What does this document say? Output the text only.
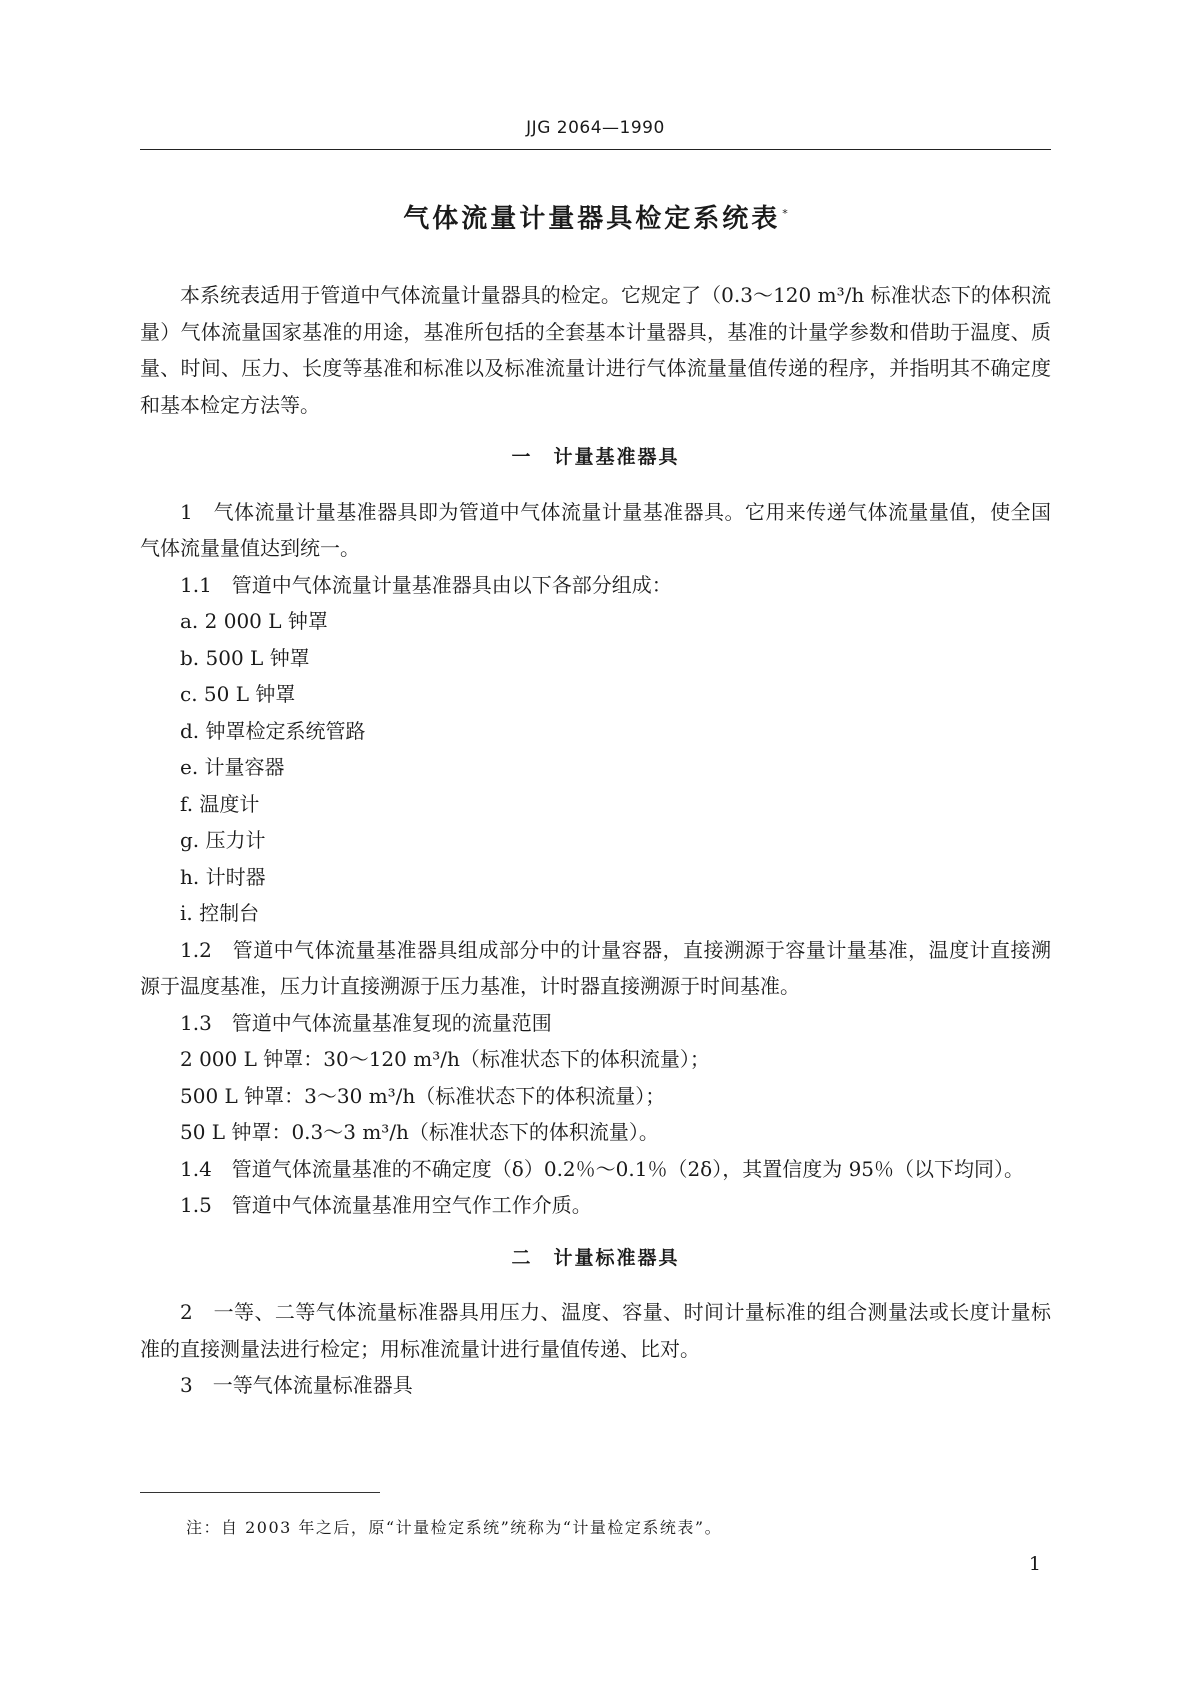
JJG 2064—1990
气体流量计量器具检定系统表 *

本系统表适用于管道中气体流量计量器具的检定。它规定了（0.3～120 m³/h 标准状态下的体积流量）气体流量国家基准的用途，基准所包括的全套基本计量器具，基准的计量学参数和借助于温度、质量、时间、压力、长度等基准和标准以及标准流量计进行气体流量量值传递的程序，并指明其不确定度和基本检定方法等。

一　计量基准器具

1　气体流量计量基准器具即为管道中气体流量计量基准器具。它用来传递气体流量量值，使全国气体流量量值达到统一。

1.1　管道中气体流量计量基准器具由以下各部分组成：

a. 2 000 L 钟罩

b. 500 L 钟罩

c. 50 L 钟罩

d. 钟罩检定系统管路

e. 计量容器

f. 温度计

g. 压力计

h. 计时器

i. 控制台

1.2　管道中气体流量基准器具组成部分中的计量容器，直接溯源于容量计量基准，温度计直接溯源于温度基准，压力计直接溯源于压力基准，计时器直接溯源于时间基准。

1.3　管道中气体流量基准复现的流量范围

2 000 L 钟罩：30～120 m³/h（标准状态下的体积流量）；

500 L 钟罩：3～30 m³/h（标准状态下的体积流量）；

50 L 钟罩：0.3～3 m³/h（标准状态下的体积流量）。

1.4　管道气体流量基准的不确定度（δ）0.2％～0.1％（2δ），其置信度为 95％（以下均同）。

1.5　管道中气体流量基准用空气作工作介质。

二　计量标准器具

2　一等、二等气体流量标准器具用压力、温度、容量、时间计量标准的组合测量法或长度计量标准的直接测量法进行检定；用标准流量计进行量值传递、比对。

3　一等气体流量标准器具

注：自 2003 年之后，原“计量检定系统”统称为“计量检定系统表”。
1
